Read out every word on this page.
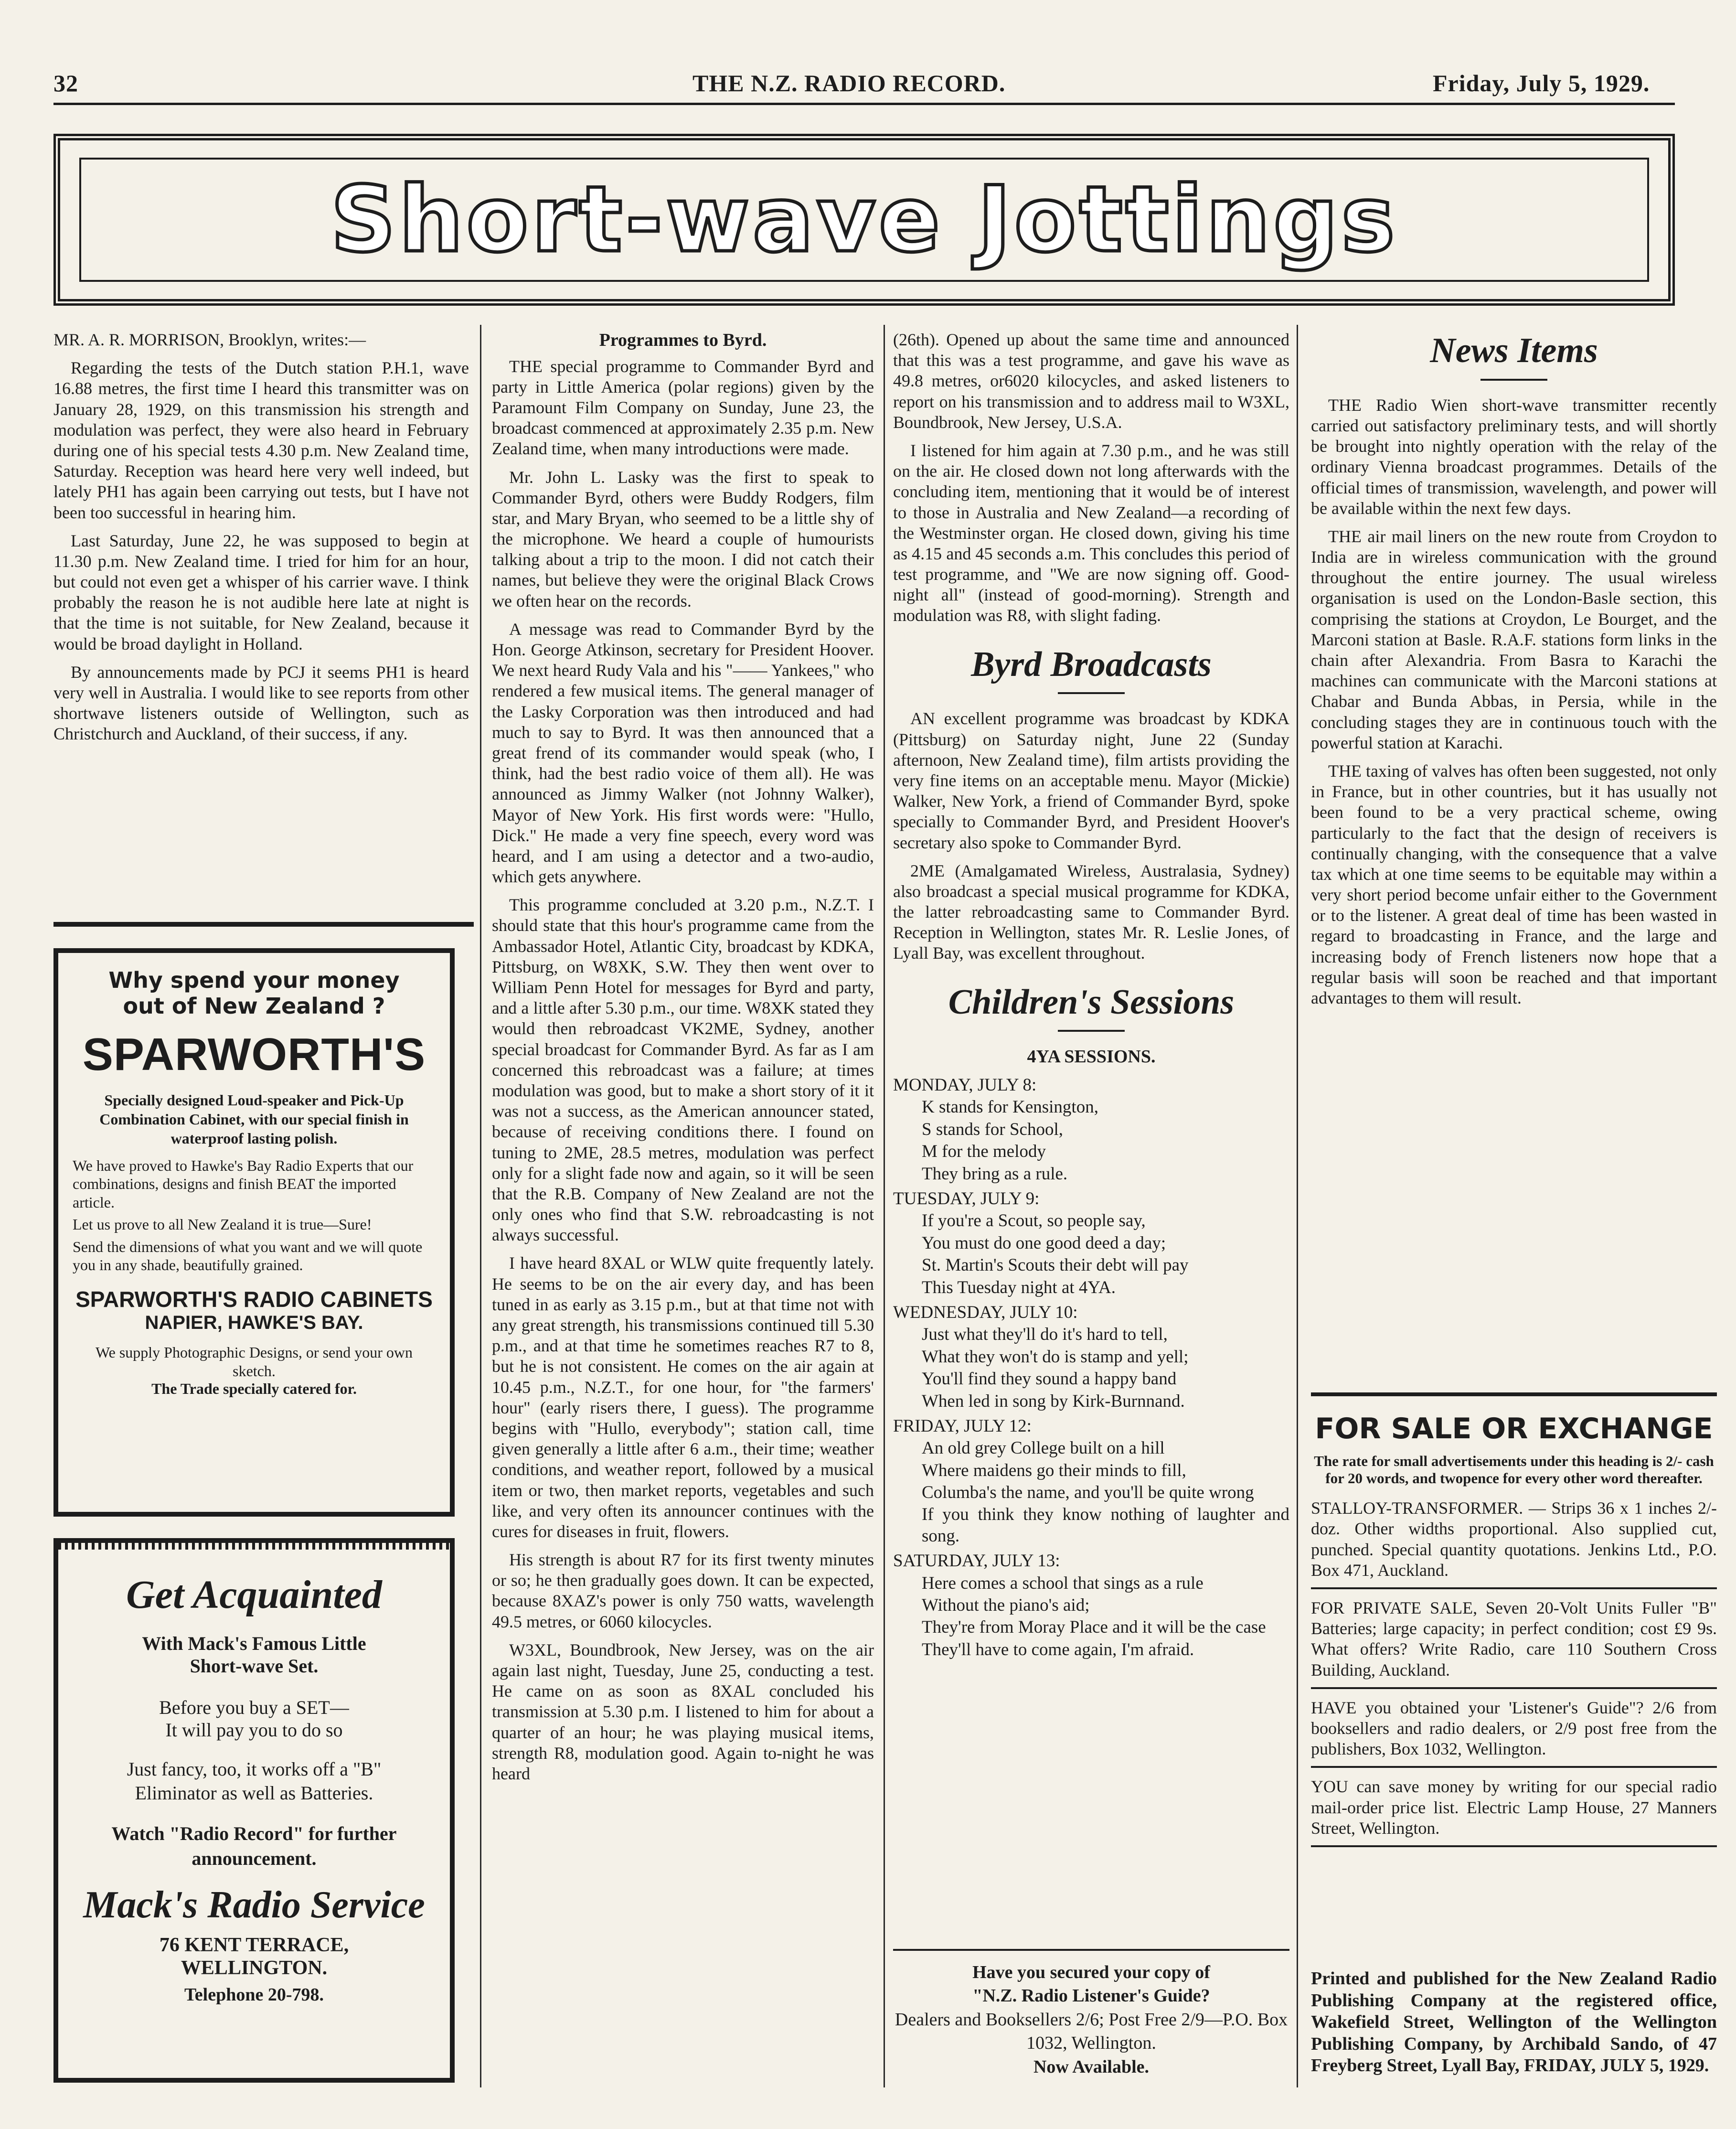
32	THE N.Z. RADIO RECORD.	Friday, July 5, 1929.
Short-wave Jottings

MR. A. R. MORRISON, Brooklyn, writes:—

Regarding the tests of the Dutch station P.H.1, wave 16.88 metres, the first time I heard this transmitter was on January 28, 1929, on this transmission his strength and modulation was perfect, they were also heard in February during one of his special tests 4.30 p.m. New Zealand time, Saturday. Reception was heard here very well indeed, but lately PH1 has again been carrying out tests, but I have not been too successful in hearing him.

Last Saturday, June 22, he was supposed to begin at 11.30 p.m. New Zealand time. I tried for him for an hour, but could not even get a whisper of his carrier wave. I think probably the reason he is not audible here late at night is that the time is not suitable, for New Zealand, because it would be broad daylight in Holland.

By announcements made by PCJ it seems PH1 is heard very well in Australia. I would like to see reports from other shortwave listeners outside of Wellington, such as Christchurch and Auckland, of their success, if any.

Why spend your money
out of New Zealand ?
SPARWORTH'S
Specially designed Loud-speaker and Pick-Up Combination Cabinet, with our special finish in waterproof lasting polish.
We have proved to Hawke's Bay Radio Experts that our combinations, designs and finish BEAT the imported article.
Let us prove to all New Zealand it is true—Sure!
Send the dimensions of what you want and we will quote you in any shade, beautifully grained.
SPARWORTH'S RADIO CABINETS
NAPIER, HAWKE'S BAY.
We supply Photographic Designs, or send your own sketch.
The Trade specially catered for.
Get Acquainted
With Mack's Famous Little
Short-wave Set.
Before you buy a SET—
It will pay you to do so
Just fancy, too, it works off a "B" Eliminator as well as Batteries.
Watch "Radio Record" for further announcement.
Mack's Radio Service
76 KENT TERRACE,
WELLINGTON.
Telephone 20-798.
Programmes to Byrd.

THE special programme to Commander Byrd and party in Little America (polar regions) given by the Paramount Film Company on Sunday, June 23, the broadcast commenced at approximately 2.35 p.m. New Zealand time, when many introductions were made.

Mr. John L. Lasky was the first to speak to Commander Byrd, others were Buddy Rodgers, film star, and Mary Bryan, who seemed to be a little shy of the microphone. We heard a couple of humourists talking about a trip to the moon. I did not catch their names, but believe they were the original Black Crows we often hear on the records.

A message was read to Commander Byrd by the Hon. George Atkinson, secretary for President Hoover. We next heard Rudy Vala and his "—— Yankees," who rendered a few musical items. The general manager of the Lasky Corporation was then introduced and had much to say to Byrd. It was then announced that a great frend of its commander would speak (who, I think, had the best radio voice of them all). He was announced as Jimmy Walker (not Johnny Walker), Mayor of New York. His first words were: "Hullo, Dick." He made a very fine speech, every word was heard, and I am using a detector and a two-audio, which gets anywhere.

This programme concluded at 3.20 p.m., N.Z.T. I should state that this hour's programme came from the Ambassador Hotel, Atlantic City, broadcast by KDKA, Pittsburg, on W8XK, S.W. They then went over to William Penn Hotel for messages for Byrd and party, and a little after 5.30 p.m., our time. W8XK stated they would then rebroadcast VK2ME, Sydney, another special broadcast for Commander Byrd. As far as I am concerned this rebroadcast was a failure; at times modulation was good, but to make a short story of it it was not a success, as the American announcer stated, because of receiving conditions there. I found on tuning to 2ME, 28.5 metres, modulation was perfect only for a slight fade now and again, so it will be seen that the R.B. Company of New Zealand are not the only ones who find that S.W. rebroadcasting is not always successful.

I have heard 8XAL or WLW quite frequently lately. He seems to be on the air every day, and has been tuned in as early as 3.15 p.m., but at that time not with any great strength, his transmissions continued till 5.30 p.m., and at that time he sometimes reaches R7 to 8, but he is not consistent. He comes on the air again at 10.45 p.m., N.Z.T., for one hour, for "the farmers' hour" (early risers there, I guess). The programme begins with "Hullo, everybody"; station call, time given generally a little after 6 a.m., their time; weather conditions, and weather report, followed by a musical item or two, then market reports, vegetables and such like, and very often its announcer continues with the cures for diseases in fruit, flowers.

His strength is about R7 for its first twenty minutes or so; he then gradually goes down. It can be expected, because 8XAZ's power is only 750 watts, wavelength 49.5 metres, or 6060 kilocycles.

W3XL, Boundbrook, New Jersey, was on the air again last night, Tuesday, June 25, conducting a test. He came on as soon as 8XAL concluded his transmission at 5.30 p.m. I listened to him for about a quarter of an hour; he was playing musical items, strength R8, modulation good. Again to-night he was heard

(26th). Opened up about the same time and announced that this was a test programme, and gave his wave as 49.8 metres, or6020 kilocycles, and asked listeners to report on his transmission and to address mail to W3XL, Boundbrook, New Jersey, U.S.A.

I listened for him again at 7.30 p.m., and he was still on the air. He closed down not long afterwards with the concluding item, mentioning that it would be of interest to those in Australia and New Zealand—a recording of the Westminster organ. He closed down, giving his time as 4.15 and 45 seconds a.m. This concludes this period of test programme, and "We are now signing off. Good-night all" (instead of good-morning). Strength and modulation was R8, with slight fading.

Byrd Broadcasts

AN excellent programme was broadcast by KDKA (Pittsburg) on Saturday night, June 22 (Sunday afternoon, New Zealand time), film artists providing the very fine items on an acceptable menu. Mayor (Mickie) Walker, New York, a friend of Commander Byrd, spoke specially to Commander Byrd, and President Hoover's secretary also spoke to Commander Byrd.

2ME (Amalgamated Wireless, Australasia, Sydney) also broadcast a special musical programme for KDKA, the latter rebroadcasting same to Commander Byrd. Reception in Wellington, states Mr. R. Leslie Jones, of Lyall Bay, was excellent throughout.

Children's Sessions
4YA SESSIONS.
MONDAY, JULY 8:
K stands for Kensington,
S stands for School,
M for the melody
They bring as a rule.
TUESDAY, JULY 9:
If you're a Scout, so people say,
You must do one good deed a day;
St. Martin's Scouts their debt will pay
This Tuesday night at 4YA.
WEDNESDAY, JULY 10:
Just what they'll do it's hard to tell,
What they won't do is stamp and yell;
You'll find they sound a happy band
When led in song by Kirk-Burnnand.
FRIDAY, JULY 12:
An old grey College built on a hill
Where maidens go their minds to fill,
Columba's the name, and you'll be quite wrong
If you think they know nothing of laughter and song.
SATURDAY, JULY 13:
Here comes a school that sings as a rule
Without the piano's aid;
They're from Moray Place and it will be the case
They'll have to come again, I'm afraid.
Have you secured your copy of
"N.Z. Radio Listener's Guide?
Dealers and Booksellers 2/6; Post Free 2/9—P.O. Box 1032, Wellington.
Now Available.
News Items

THE Radio Wien short-wave transmitter recently carried out satisfactory preliminary tests, and will shortly be brought into nightly operation with the relay of the ordinary Vienna broadcast programmes. Details of the official times of transmission, wavelength, and power will be available within the next few days.

THE air mail liners on the new route from Croydon to India are in wireless communication with the ground throughout the entire journey. The usual wireless organisation is used on the London-Basle section, this comprising the stations at Croydon, Le Bourget, and the Marconi station at Basle. R.A.F. stations form links in the chain after Alexandria. From Basra to Karachi the machines can communicate with the Marconi stations at Chabar and Bunda Abbas, in Persia, while in the concluding stages they are in continuous touch with the powerful station at Karachi.

THE taxing of valves has often been suggested, not only in France, but in other countries, but it has usually not been found to be a very practical scheme, owing particularly to the fact that the design of receivers is continually changing, with the consequence that a valve tax which at one time seems to be equitable may within a very short period become unfair either to the Government or to the listener. A great deal of time has been wasted in regard to broadcasting in France, and the large and increasing body of French listeners now hope that a regular basis will soon be reached and that important advantages to them will result.

FOR SALE OR EXCHANGE
The rate for small advertisements under this heading is 2/- cash for 20 words, and twopence for every other word thereafter.
STALLOY-TRANSFORMER. — Strips 36 x 1 inches 2/- doz. Other widths proportional. Also supplied cut, punched. Special quantity quotations. Jenkins Ltd., P.O. Box 471, Auckland.
FOR PRIVATE SALE, Seven 20-Volt Units Fuller "B" Batteries; large capacity; in perfect condition; cost £9 9s. What offers? Write Radio, care 110 Southern Cross Building, Auckland.
HAVE you obtained your 'Listener's Guide"? 2/6 from booksellers and radio dealers, or 2/9 post free from the publishers, Box 1032, Wellington.
YOU can save money by writing for our special radio mail-order price list. Electric Lamp House, 27 Manners Street, Wellington.
Printed and published for the New Zealand Radio Publishing Company at the registered office, Wakefield Street, Wellington of the Wellington Publishing Company, by Archibald Sando, of 47 Freyberg Street, Lyall Bay, FRIDAY, JULY 5, 1929.
